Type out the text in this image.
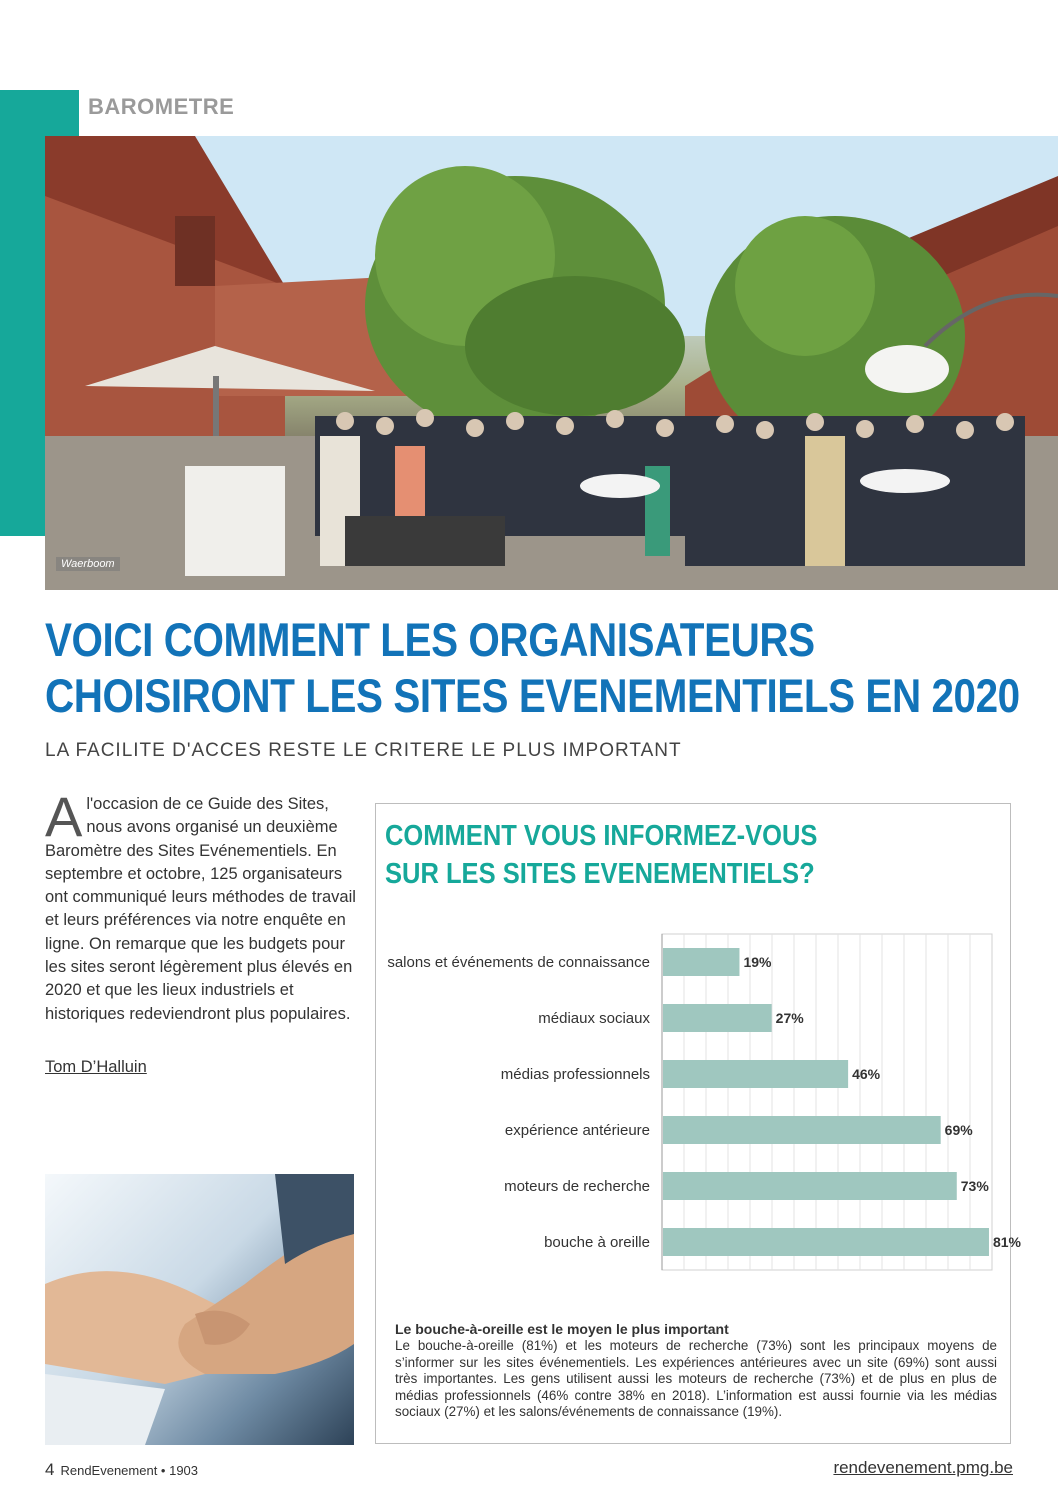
BAROMETRE
Waerboom
VOICI COMMENT LES ORGANISATEURS
CHOISIRONT LES SITES EVENEMENTIELS EN 2020
LA FACILITE D'ACCES RESTE LE CRITERE LE PLUS IMPORTANT
Al'occasion de ce Guide des Sites, nous avons organisé un deuxième Baromètre des Sites Evénementiels. En septembre et octobre, 125 organisateurs ont communiqué leurs méthodes de travail et leurs préférences via notre enquête en ligne. On remarque que les budgets pour les sites seront légèrement plus élevés en 2020 et que les lieux industriels et historiques redeviendront plus populaires.
Tom D’Halluin
COMMENT VOUS INFORMEZ-VOUS
SUR LES SITES EVENEMENTIELS?
salons et événements de connaissance	19%
médiaux sociaux	27%
médias professionnels	46%
expérience antérieure	69%
moteurs de recherche	73%
bouche à oreille	81%
Le bouche-à-oreille est le moyen le plus important

Le bouche-à-oreille (81%) et les moteurs de recherche (73%) sont les principaux moyens de s’informer sur les sites événementiels. Les expériences antérieures avec un site (69%) sont aussi très importantes. Les gens utilisent aussi les moteurs de recherche (73%) et de plus en plus de médias professionnels (46% contre 38% en 2018). L’information est aussi fournie via les médias sociaux (27%) et les salons/événements de connaissance (19%).

4 RendEvenement • 1903	rendevenement.pmg.be
